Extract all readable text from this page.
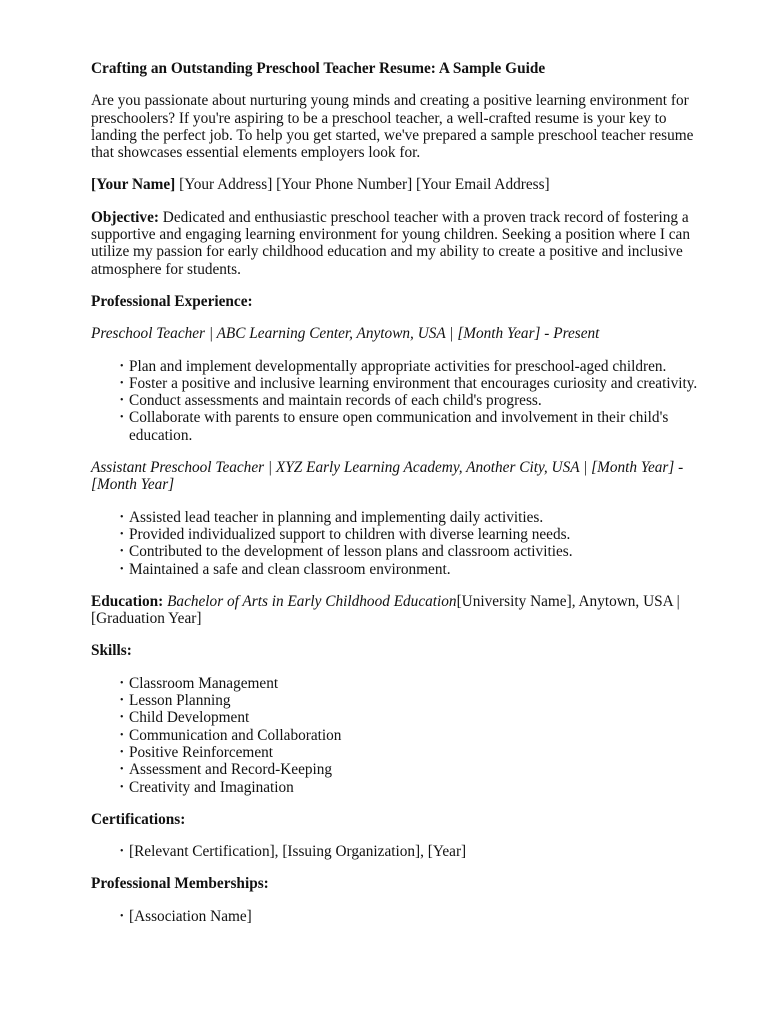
Crafting an Outstanding Preschool Teacher Resume: A Sample Guide

Are you passionate about nurturing young minds and creating a positive learning environment for preschoolers? If you're aspiring to be a preschool teacher, a well-crafted resume is your key to landing the perfect job. To help you get started, we've prepared a sample preschool teacher resume that showcases essential elements employers look for.

[Your Name] [Your Address] [Your Phone Number] [Your Email Address]

Objective: Dedicated and enthusiastic preschool teacher with a proven track record of fostering a supportive and engaging learning environment for young children. Seeking a position where I can utilize my passion for early childhood education and my ability to create a positive and inclusive atmosphere for students.

Professional Experience:
Preschool Teacher | ABC Learning Center, Anytown, USA | [Month Year] - Present
• Plan and implement developmentally appropriate activities for preschool-aged children.
• Foster a positive and inclusive learning environment that encourages curiosity and creativity.
• Conduct assessments and maintain records of each child's progress.
• Collaborate with parents to ensure open communication and involvement in their child's education.
Assistant Preschool Teacher | XYZ Early Learning Academy, Another City, USA | [Month Year] - [Month Year]
• Assisted lead teacher in planning and implementing daily activities.
• Provided individualized support to children with diverse learning needs.
• Contributed to the development of lesson plans and classroom activities.
• Maintained a safe and clean classroom environment.

Education: Bachelor of Arts in Early Childhood Education[University Name], Anytown, USA | [Graduation Year]

Skills:
• Classroom Management
• Lesson Planning
• Child Development
• Communication and Collaboration
• Positive Reinforcement
• Assessment and Record-Keeping
• Creativity and Imagination
Certifications:
• [Relevant Certification], [Issuing Organization], [Year]
Professional Memberships:
• [Association Name]
